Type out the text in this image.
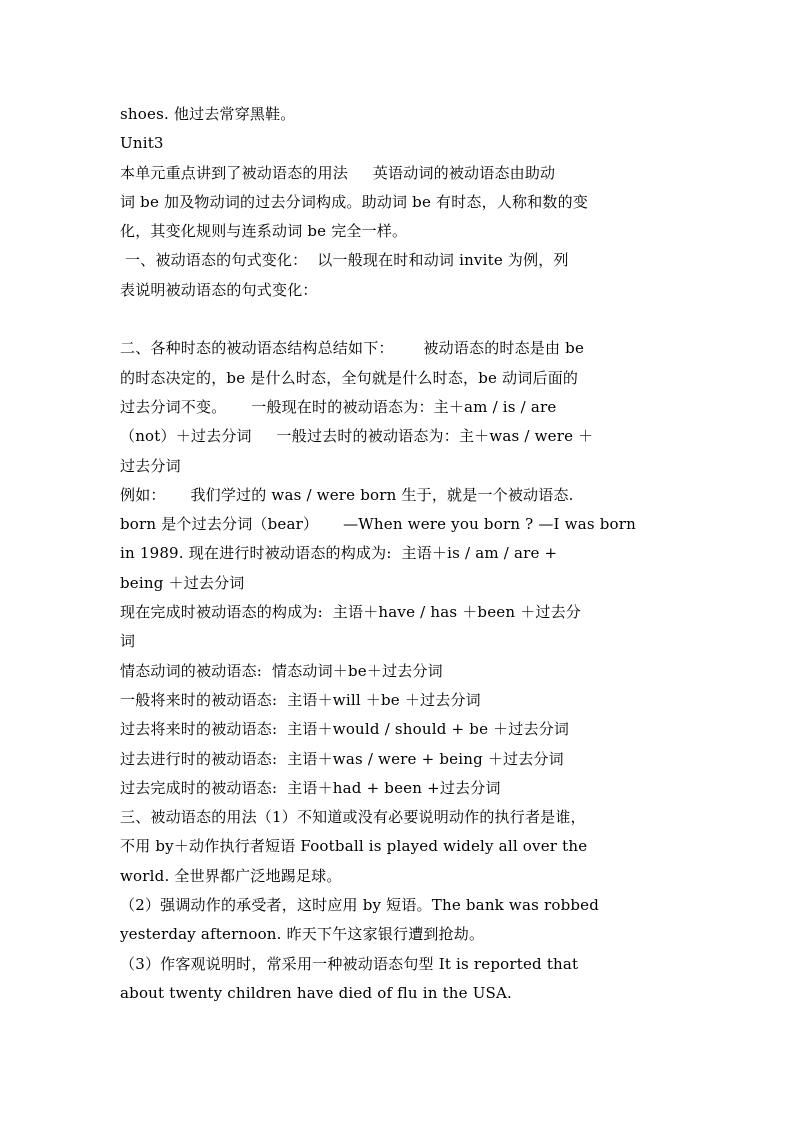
shoes. 他过去常穿黑鞋。
Unit3
本单元重点讲到了被动语态的用法     英语动词的被动语态由助动
词 be 加及物动词的过去分词构成。助动词 be 有时态，人称和数的变
化，其变化规则与连系动词 be 完全一样。
一、被动语态的句式变化：  以一般现在时和动词 invite 为例，列
表说明被动语态的句式变化：
二、各种时态的被动语态结构总结如下：      被动语态的时态是由 be
的时态决定的，be 是什么时态，全句就是什么时态，be 动词后面的
过去分词不变。     一般现在时的被动语态为：主＋am / is / are
（not）＋过去分词     一般过去时的被动语态为：主＋was / were ＋
过去分词
例如：     我们学过的 was / were born 生于，就是一个被动语态.
born 是个过去分词（bear）     —When were you born ? —I was born
in 1989. 现在进行时被动语态的构成为:  主语＋is / am / are +
being ＋过去分词
现在完成时被动语态的构成为:  主语＋have / has ＋been ＋过去分
词
情态动词的被动语态:  情态动词＋be＋过去分词
一般将来时的被动语态:  主语＋will ＋be ＋过去分词
过去将来时的被动语态:  主语＋would / should + be ＋过去分词
过去进行时的被动语态:  主语＋was / were + being ＋过去分词
过去完成时的被动语态:  主语＋had + been +过去分词
三、被动语态的用法（1）不知道或没有必要说明动作的执行者是谁，
不用 by＋动作执行者短语 Football is played widely all over the
world. 全世界都广泛地踢足球。
（2）强调动作的承受者，这时应用 by 短语。The bank was robbed
yesterday afternoon. 昨天下午这家银行遭到抢劫。
（3）作客观说明时，常采用一种被动语态句型 It is reported that
about twenty children have died of flu in the USA.
